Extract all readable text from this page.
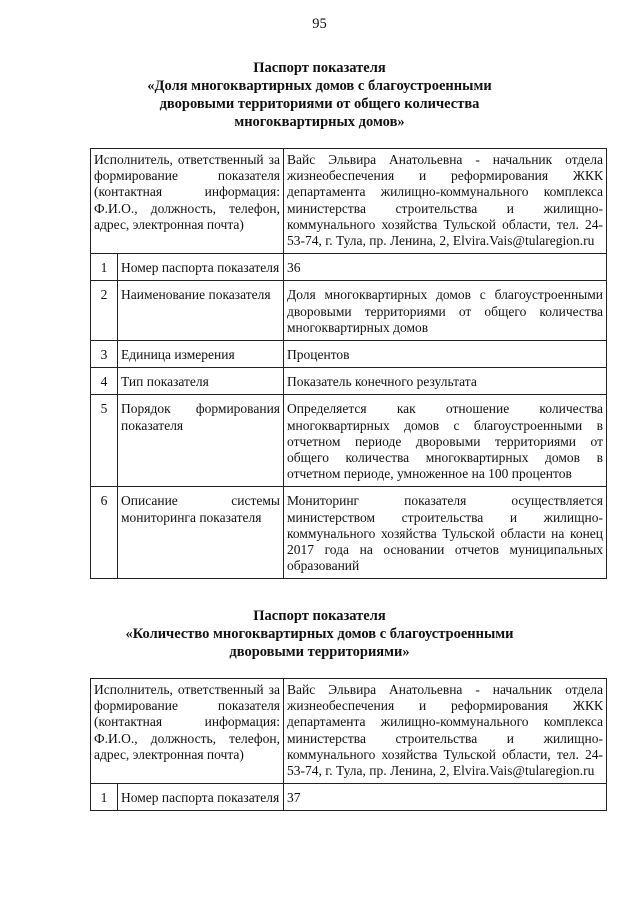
95
Паспорт показателя
«Доля многоквартирных домов с благоустроенными
дворовыми территориями от общего количества
многоквартирных домов»
Исполнитель, ответственный за формирование показателя (контактная информация: Ф.И.О., должность, телефон, адрес, электронная почта)		Вайс Эльвира Анатольевна - начальник отдела жизнеобеспечения и реформирования ЖКК департамента жилищно-коммунального комплекса министерства строительства и жилищно-коммунального хозяйства Тульской области, тел. 24-53-74, г. Тула, пр. Ленина, 2, Elvira.Vais@tularegion.ru
1	Номер паспорта показателя	36
2	Наименование показателя	Доля многоквартирных домов с благоустроенными дворовыми территориями от общего количества многоквартирных домов
3	Единица измерения	Процентов
4	Тип показателя	Показатель конечного результата
5	Порядок формирования показателя	Определяется как отношение количества многоквартирных домов с благоустроенными в отчетном периоде дворовыми территориями от общего количества многоквартирных домов в отчетном периоде, умноженное на 100 процентов
6	Описание системы мониторинга показателя	Мониторинг показателя осуществляется министерством строительства и жилищно-коммунального хозяйства Тульской области на конец 2017 года на основании отчетов муниципальных образований
Паспорт показателя
«Количество многоквартирных домов с благоустроенными
дворовыми территориями»
Исполнитель, ответственный за формирование показателя (контактная информация: Ф.И.О., должность, телефон, адрес, электронная почта)		Вайс Эльвира Анатольевна - начальник отдела жизнеобеспечения и реформирования ЖКК департамента жилищно-коммунального комплекса министерства строительства и жилищно-коммунального хозяйства Тульской области, тел. 24-53-74, г. Тула, пр. Ленина, 2, Elvira.Vais@tularegion.ru
1	Номер паспорта показателя	37
